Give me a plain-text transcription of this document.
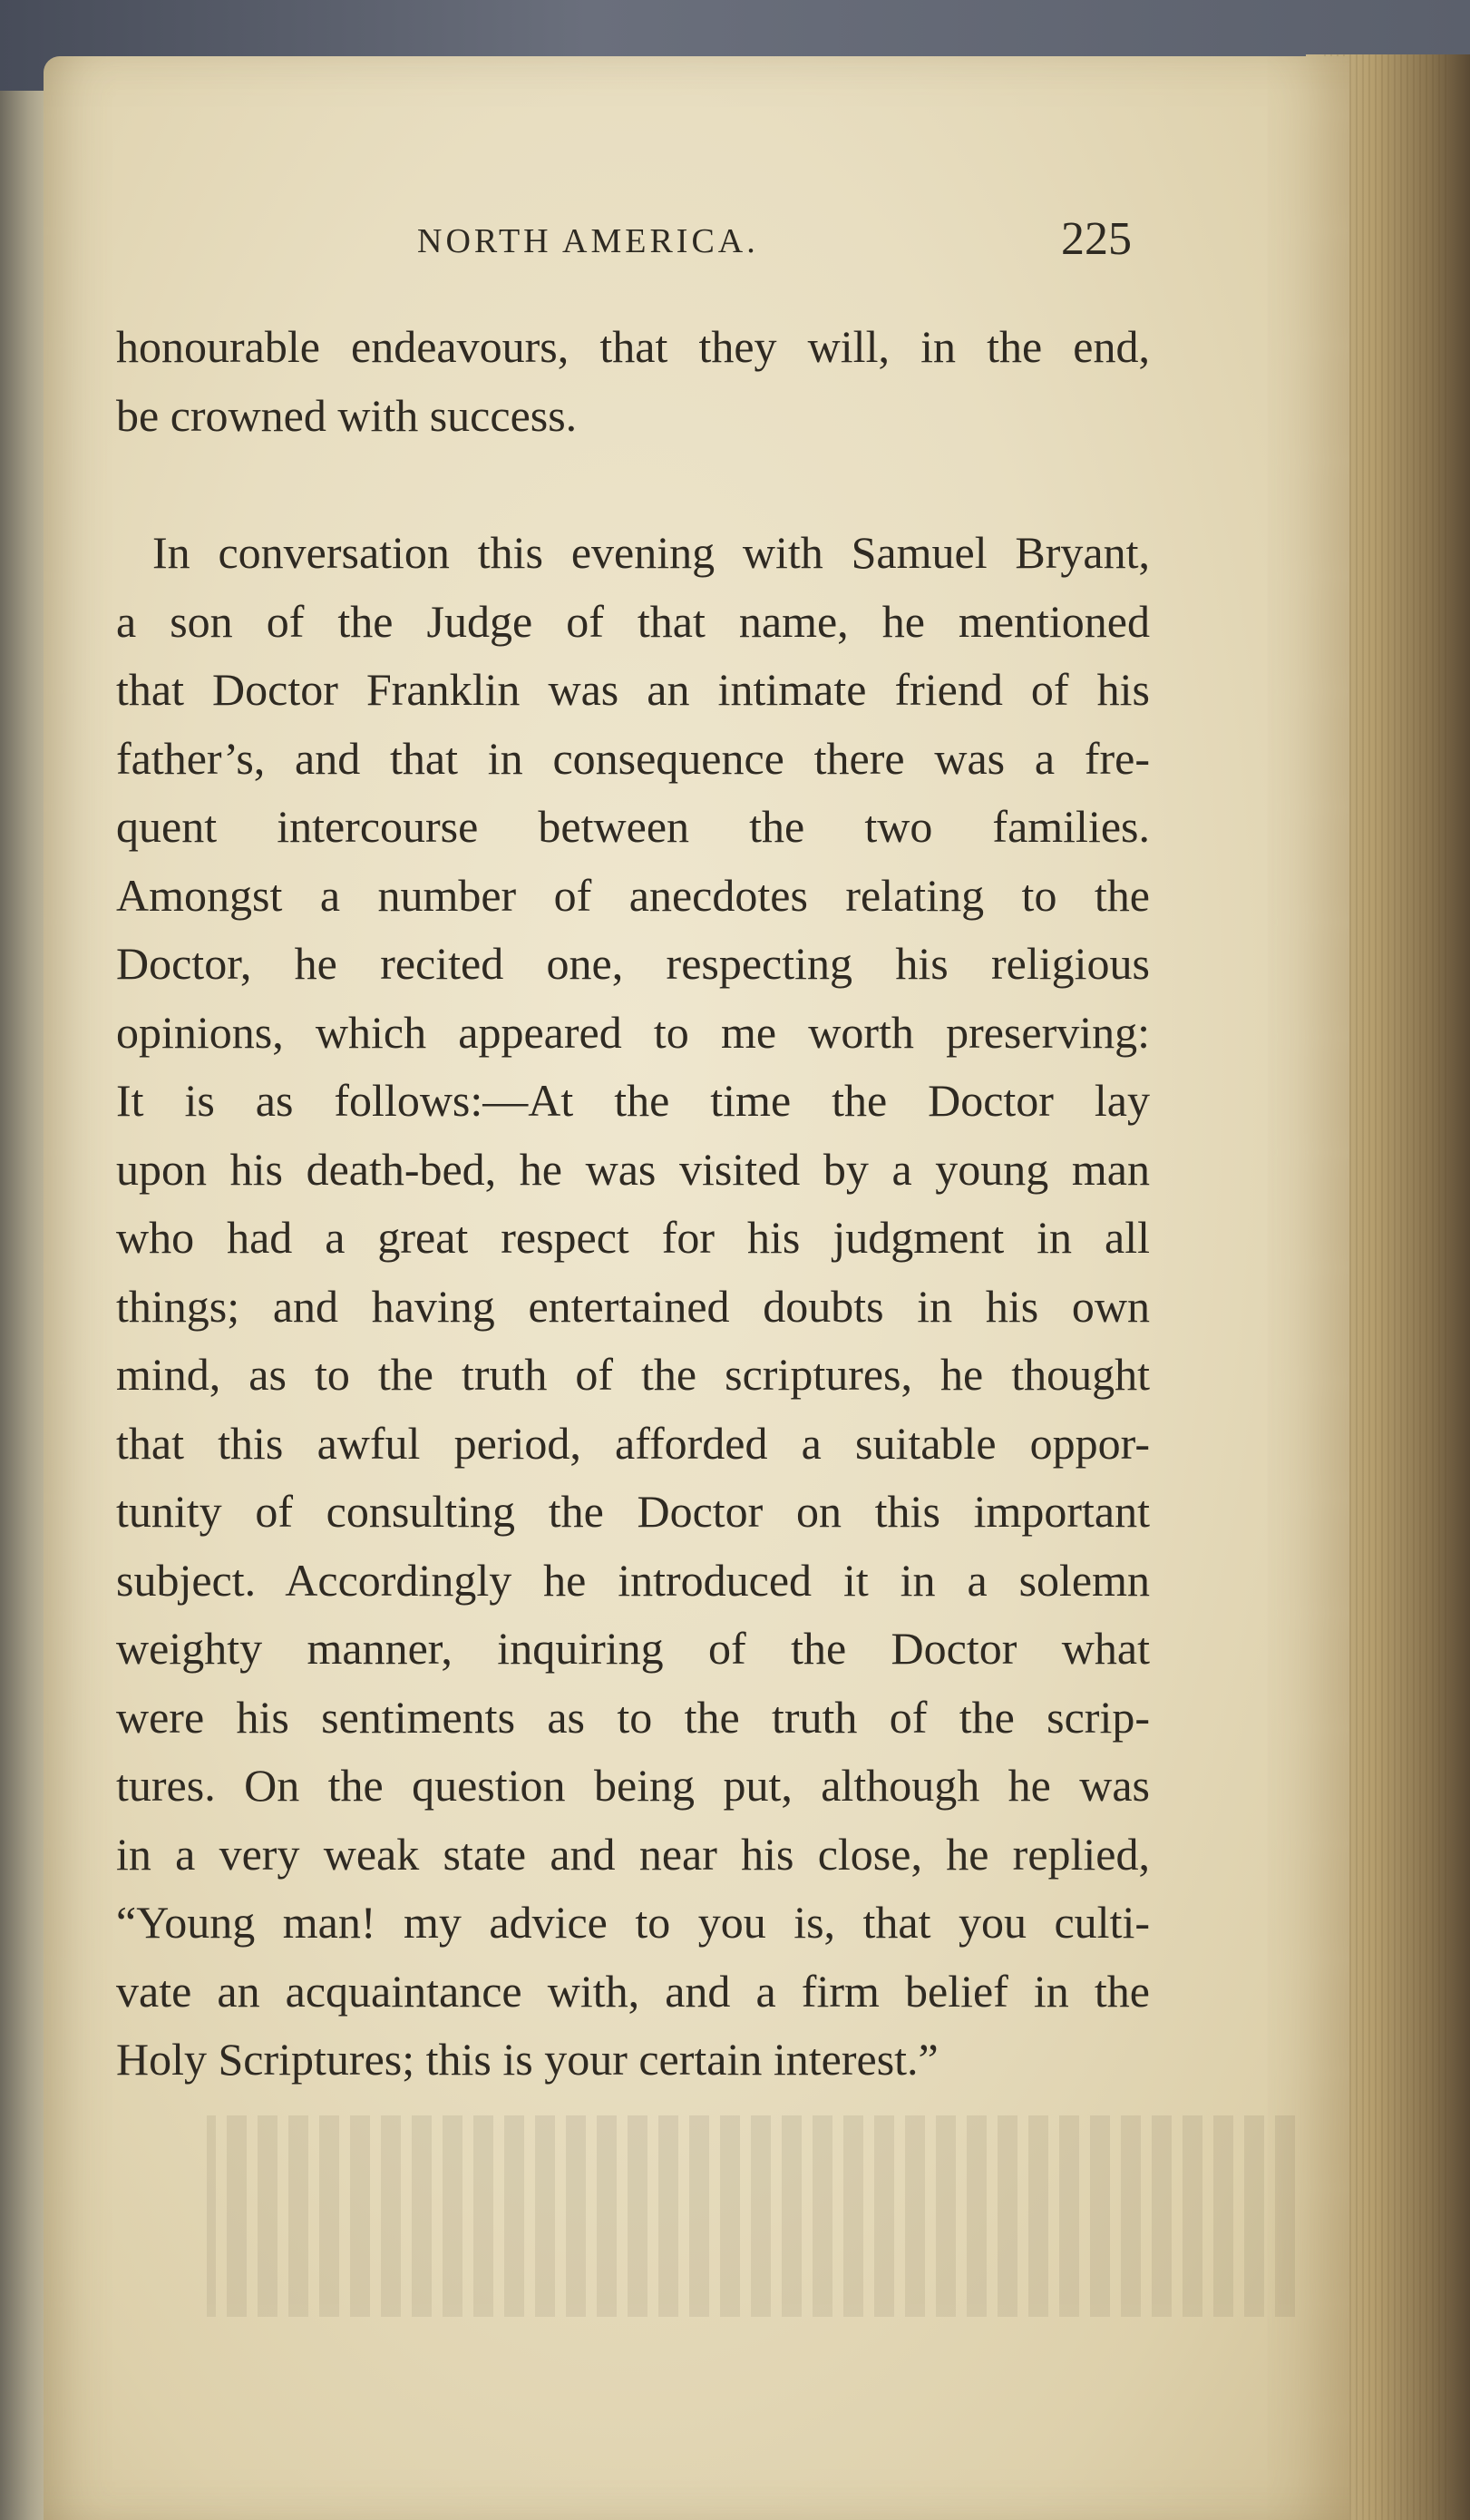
NORTH AMERICA.	225
honourable endeavours, that they will, in the end,
be crowned with success.
In conversation this evening with Samuel Bryant,
a son of the Judge of that name, he mentioned
that Doctor Franklin was an intimate friend of his
father’s, and that in consequence there was a fre-
quent intercourse between the two families.
Amongst a number of anecdotes relating to the
Doctor, he recited one, respecting his religious
opinions, which appeared to me worth preserving:
It is as follows:—At the time the Doctor lay
upon his death-bed, he was visited by a young man
who had a great respect for his judgment in all
things; and having entertained doubts in his own
mind, as to the truth of the scriptures, he thought
that this awful period, afforded a suitable oppor-
tunity of consulting the Doctor on this important
subject. Accordingly he introduced it in a solemn
weighty manner, inquiring of the Doctor what
were his sentiments as to the truth of the scrip-
tures. On the question being put, although he was
in a very weak state and near his close, he replied,
“Young man! my advice to you is, that you culti-
vate an acquaintance with, and a firm belief in the
Holy Scriptures; this is your certain interest.”
